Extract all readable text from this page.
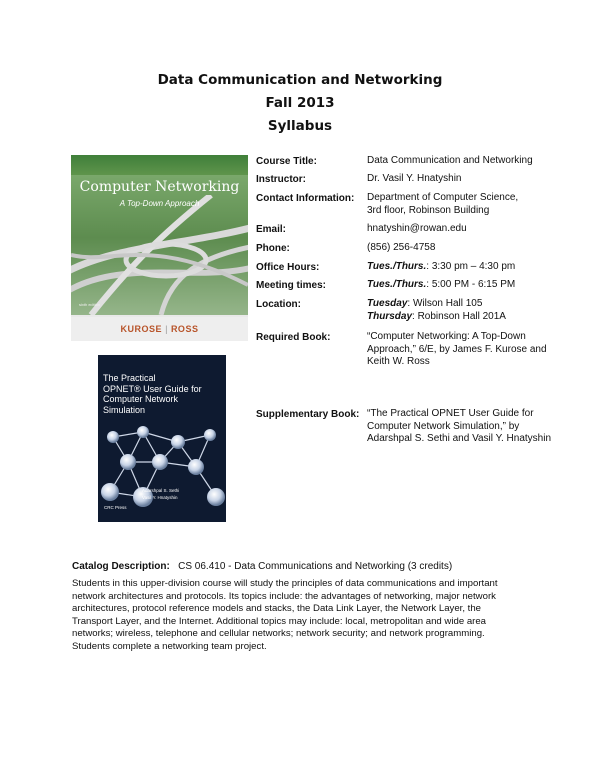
Data Communication and Networking
Fall 2013
Syllabus
Computer Networking
A Top-Down Approach
sixth edition
KUROSE | ROSS
The Practical
OPNET® User Guide for
Computer Network
Simulation
Adarshpal S. Sethi
Vasil Y. Hnatyshin
CRC Press
Course Title:	Data Communication and Networking
Instructor:	Dr. Vasil Y. Hnatyshin
Contact Information: Department of Computer Science,
3rd floor, Robinson Building
Email:	hnatyshin@rowan.edu
Phone:	(856) 256-4758
Office Hours:	Tues./Thurs.: 3:30 pm – 4:30 pm
Meeting times:	Tues./Thurs.: 5:00 PM - 6:15 PM
Location:	Tuesday: Wilson Hall 105
Thursday: Robinson Hall 201A
Required Book:	“Computer Networking: A Top-Down Approach,” 6/E, by James F. Kurose and Keith W. Ross
Supplementary Book: “The Practical OPNET User Guide for Computer Network Simulation,” by Adarshpal S. Sethi and Vasil Y. Hnatyshin
Catalog Description: CS 06.410 - Data Communications and Networking (3 credits)
Students in this upper-division course will study the principles of data communications and important network architectures and protocols. Its topics include: the advantages of networking, major network architectures, protocol reference models and stacks, the Data Link Layer, the Network Layer, the Transport Layer, and the Internet. Additional topics may include: local, metropolitan and wide area networks; wireless, telephone and cellular networks; network security; and network programming. Students complete a networking team project.
